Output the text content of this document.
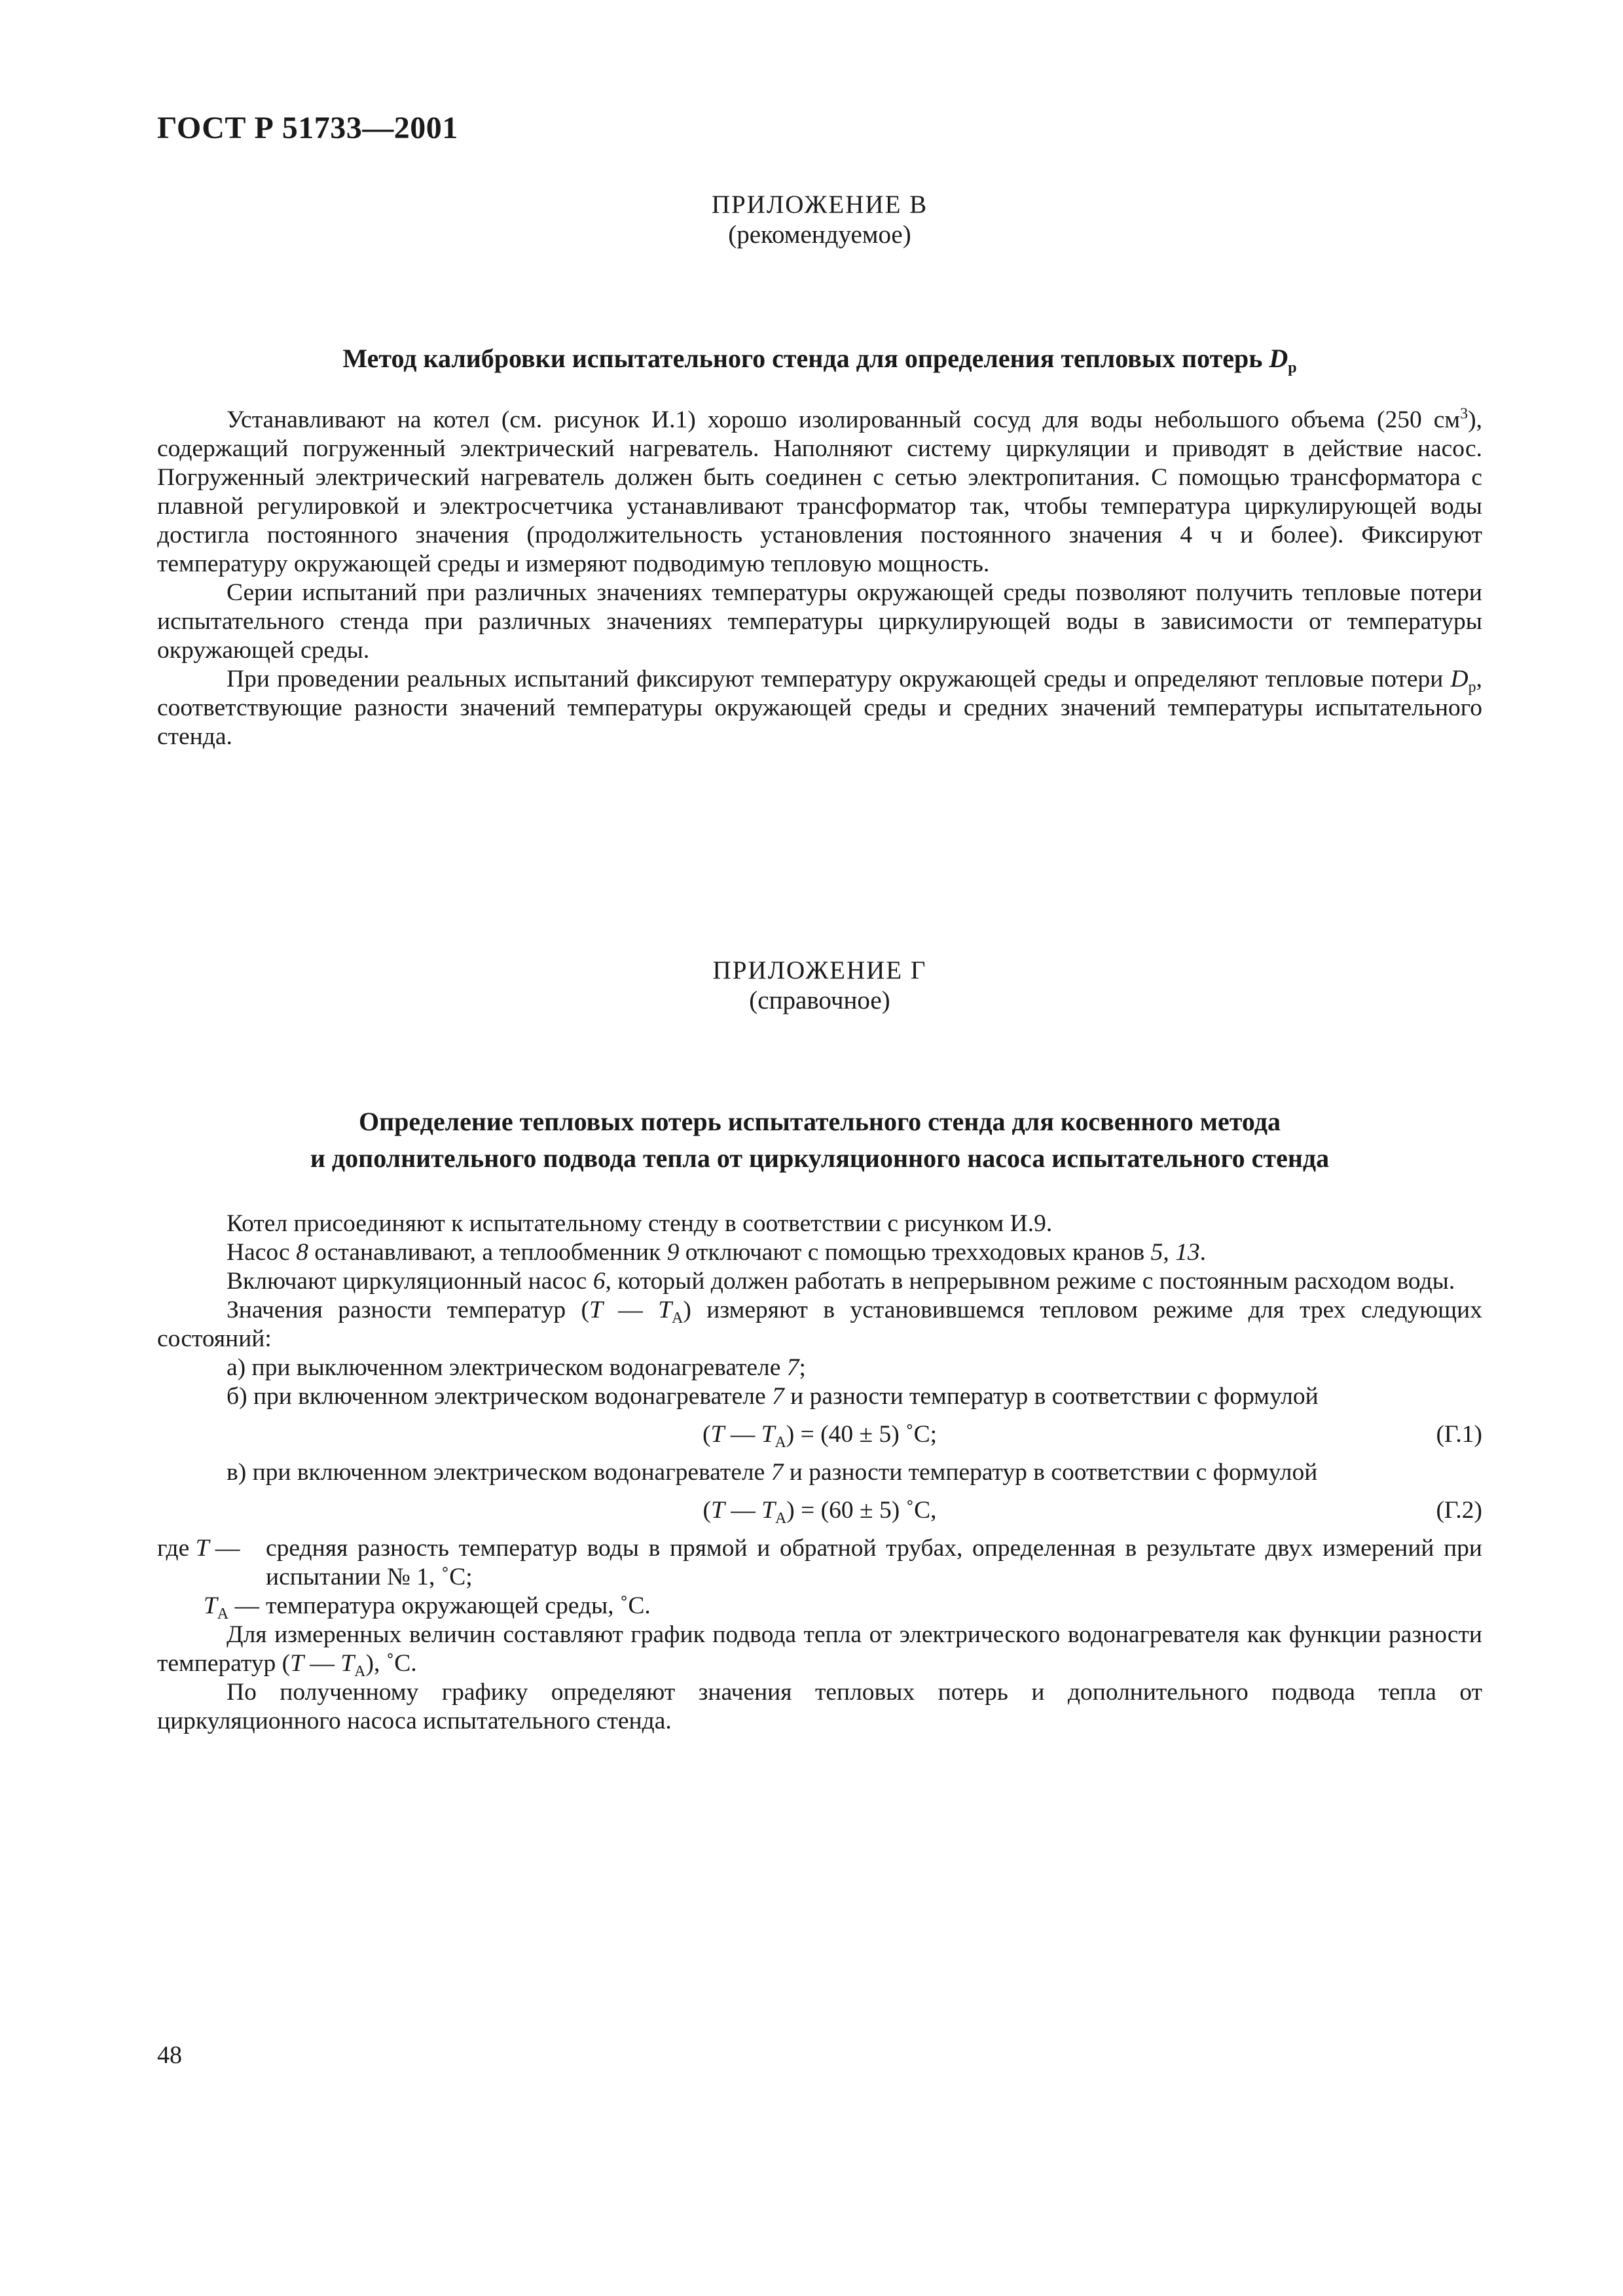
ГОСТ Р 51733—2001
ПРИЛОЖЕНИЕ В
(рекомендуемое)
Метод калибровки испытательного стенда для определения тепловых потерь $D_p$

Устанавливают на котел (см. рисунок И.1) хорошо изолированный сосуд для воды небольшого объема (250 $см^3$), содержащий погруженный электрический нагреватель. Наполняют систему циркуляции и приводят в действие насос. Погруженный электрический нагреватель должен быть соединен с сетью электропитания. С помощью трансформатора с плавной регулировкой и электросчетчика устанавливают трансформатор так, чтобы температура циркулирующей воды достигла постоянного значения (продолжительность установления постоянного значения 4 ч и более). Фиксируют температуру окружающей среды и измеряют подводимую тепловую мощность.

Серии испытаний при различных значениях температуры окружающей среды позволяют получить тепловые потери испытательного стенда при различных значениях температуры циркулирующей воды в зависимости от температуры окружающей среды.

При проведении реальных испытаний фиксируют температуру окружающей среды и определяют тепловые потери $D_p$, соответствующие разности значений температуры окружающей среды и средних значений температуры испытательного стенда.

ПРИЛОЖЕНИЕ Г
(справочное)
Определение тепловых потерь испытательного стенда для косвенного метода
и дополнительного подвода тепла от циркуляционного насоса испытательного стенда

Котел присоединяют к испытательному стенду в соответствии с рисунком И.9.

Насос 8 останавливают, а теплообменник 9 отключают с помощью трехходовых кранов 5, 13.

Включают циркуляционный насос 6, который должен работать в непрерывном режиме с постоянным расходом воды.

Значения разности температур (T — $T_A$) измеряют в установившемся тепловом режиме для трех следующих состояний:

а) при выключенном электрическом водонагревателе 7;

б) при включенном электрическом водонагревателе 7 и разности температур в соответствии с формулой

(T — $T_A) = (40 \pm 5)$ ˚С;	(Г.1)

в) при включенном электрическом водонагревателе 7 и разности температур в соответствии с формулой

(T — $T_A) = (60 \pm 5)$ ˚С,	(Г.2)
где T —	средняя разность температур воды в прямой и обратной трубах, определенная в результате двух измерений при испытании № 1, ˚С;
$T_A$ — температура окружающей среды, ˚С.

Для измеренных величин составляют график подвода тепла от электрического водонагревателя как функции разности температур (T — $T_A$), ˚С.

По полученному графику определяют значения тепловых потерь и дополнительного подвода тепла от циркуляционного насоса испытательного стенда.

48
